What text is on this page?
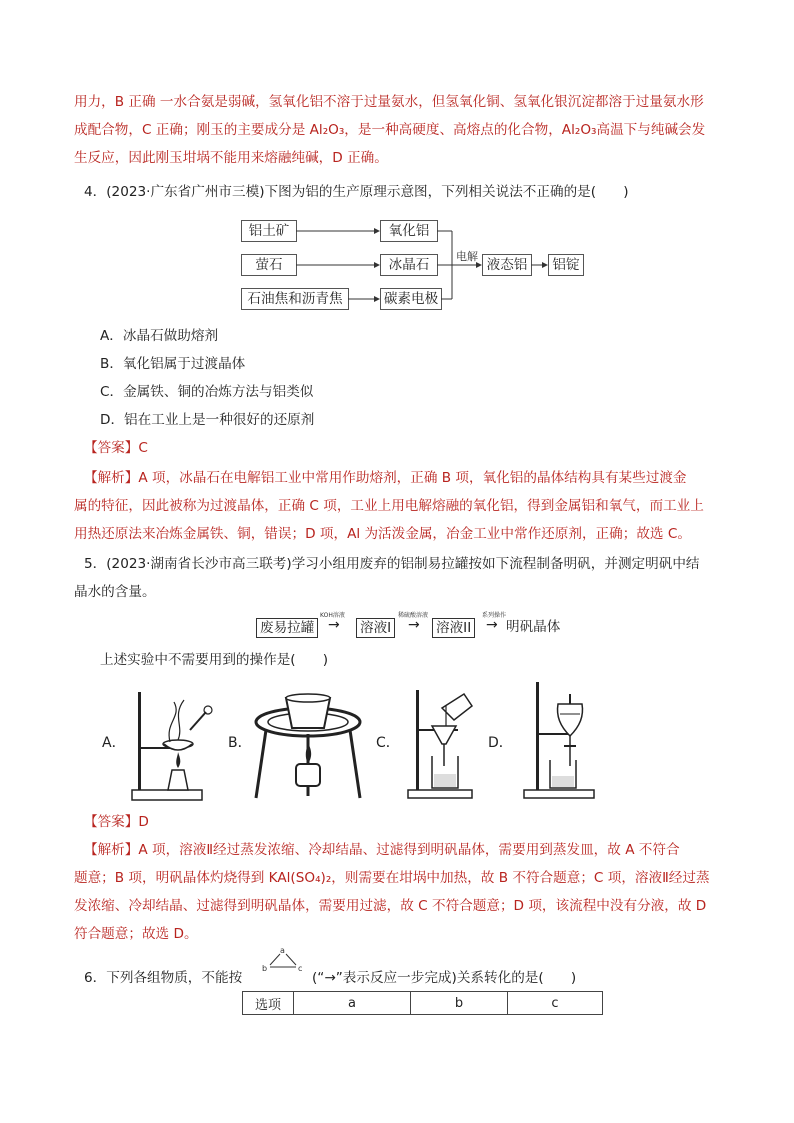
用力，B 正确 一水合氨是弱碱，氢氧化铝不溶于过量氨水，但氢氧化铜、氢氧化银沉淀都溶于过量氨水形
成配合物，C 正确；刚玉的主要成分是 Al₂O₃，是一种高硬度、高熔点的化合物，Al₂O₃高温下与纯碱会发
生反应，因此刚玉坩埚不能用来熔融纯碱，D 正确。
4．(2023·广东省广州市三模)下图为铝的生产原理示意图，下列相关说法不正确的是(　　)
铝土矿	氧化铝
萤石	冰晶石
石油焦和沥青焦	碳素电极
电解
液态铝	铝锭
A．冰晶石做助熔剂
B．氧化铝属于过渡晶体
C．金属铁、铜的冶炼方法与铝类似
D．铝在工业上是一种很好的还原剂
【答案】C
【解析】A 项，冰晶石在电解铝工业中常用作助熔剂，正确 B 项，氧化铝的晶体结构具有某些过渡金
属的特征，因此被称为过渡晶体，正确 C 项，工业上用电解熔融的氧化铝，得到金属铝和氧气，而工业上
用热还原法来冶炼金属铁、铜，错误；D 项，Al 为活泼金属，冶金工业中常作还原剂，正确；故选 C。
5．(2023·湖南省长沙市高三联考)学习小组用废弃的铝制易拉罐按如下流程制备明矾，并测定明矾中结
晶水的含量。
废易拉罐
KOH溶液
→ 溶液I
稀硫酸溶液
→ 溶液II
系列操作
→ 明矾晶体
上述实验中不需要用到的操作是(　　)
A．	B．	C．	D．
【答案】D
【解析】A 项，溶液Ⅱ经过蒸发浓缩、冷却结晶、过滤得到明矾晶体，需要用到蒸发皿，故 A 不符合
题意；B 项，明矾晶体灼烧得到 KAl(SO₄)₂，则需要在坩埚中加热，故 B 不符合题意；C 项，溶液Ⅱ经过蒸
发浓缩、冷却结晶、过滤得到明矾晶体，需要用过滤，故 C 不符合题意；D 项，该流程中没有分液，故 D
符合题意；故选 D。
6．下列各组物质，不能按
a
b	c
(“→”表示反应一步完成)关系转化的是(　　)
选项	a	b	c
